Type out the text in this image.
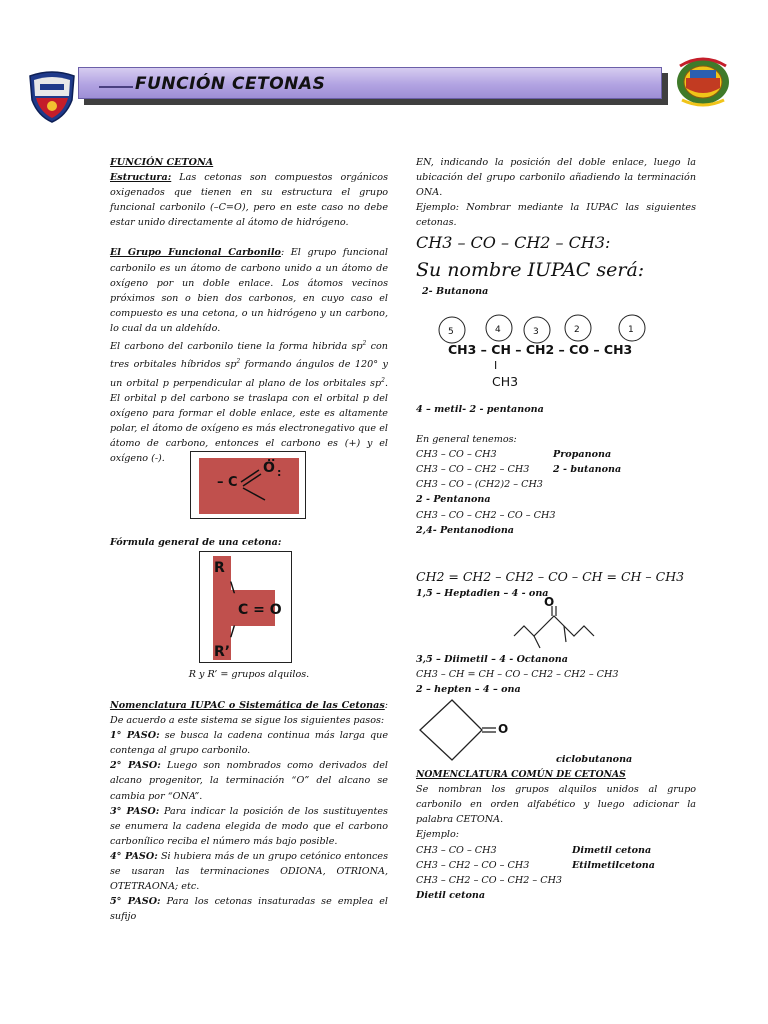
FUNCIÓN CETONAS

FUNCIÓN CETONA

Estructura: Las cetonas son compuestos orgánicos oxigenados que tienen en su estructura el grupo funcional carbonilo (–C=O), pero en este caso no debe estar unido directamente al átomo de hidrógeno.

El Grupo Funcional Carbonilo: El grupo funcional carbonilo es un átomo de carbono unido a un átomo de oxígeno por un doble enlace. Los átomos vecinos próximos son o bien dos carbonos, en cuyo caso el compuesto es una cetona, o un hidrógeno y un carbono, lo cual da un aldehído.

El carbono del carbonilo tiene la forma hibrida $sp^2$ con tres orbitales híbridos $sp^2$ formando ángulos de 120° y un orbital p perpendicular al plano de los orbitales $sp^2$. El orbital p del carbono se traslapa con el orbital p del oxígeno para formar el doble enlace, este es altamente polar, el átomo de oxígeno es más electronegativo que el átomo de carbono, entonces el carbono es (+) y el oxígeno (-).

– C
O
..
:

Fórmula general de una cetona:

R
\
C = O
/
R’
R y R’ = grupos alquilos.

Nomenclatura IUPAC o Sistemática de las Cetonas: De acuerdo a este sistema se sigue los siguientes pasos:

1° PASO: se busca la cadena continua más larga que contenga al grupo carbonilo.

2° PASO: Luego son nombrados como derivados del alcano progenitor, la terminación “O” del alcano se cambia por “ONA”.

3° PASO: Para indicar la posición de los sustituyentes se enumera la cadena elegida de modo que el carbono carbonílico reciba el número más bajo posible.

4° PASO: Si hubiera más de un grupo cetónico entonces se usaran las terminaciones ODIONA, OTRIONA, OTETRAONA; etc.

5° PASO: Para los cetonas insaturadas se emplea el sufijo

EN, indicando la posición del doble enlace, luego la ubicación del grupo carbonilo añadiendo la terminación ONA.

Ejemplo: Nombrar mediante la IUPAC las siguientes cetonas.

CH3 – CO – CH2 – CH3:

Su nombre IUPAC será:

2- Butanona

5	4	3	2	1
CH3 – CH – CH2 – CO – CH3
I
CH3

4 – metil- 2 - pentanona

En general tenemos:

CH3 – CO – CH3	Propanona
CH3 – CO – CH2 – CH3	2 - butanona

CH3 – CO – (CH2)2 – CH3

2 - Pentanona

CH3 – CO – CH2 – CO – CH3

2,4- Pentanodiona

CH2 = CH2 – CH2 – CO – CH = CH – CH3

1,5 – Heptadien – 4 - ona

O

3,5 – Diimetil – 4 - Octanona

CH3 – CH = CH – CO – CH2 – CH2 – CH3

2 – hepten – 4 – ona

O

ciclobutanona

NOMENCLATURA COMÚN DE CETONAS

Se nombran los grupos alquilos unidos al grupo carbonilo en orden alfabético y luego adicionar la palabra CETONA.

Ejemplo:

CH3 – CO – CH3	Dimetil cetona
CH3 – CH2 – CO – CH3	Etilmetilcetona

CH3 – CH2 – CO – CH2 – CH3

Dietil cetona
